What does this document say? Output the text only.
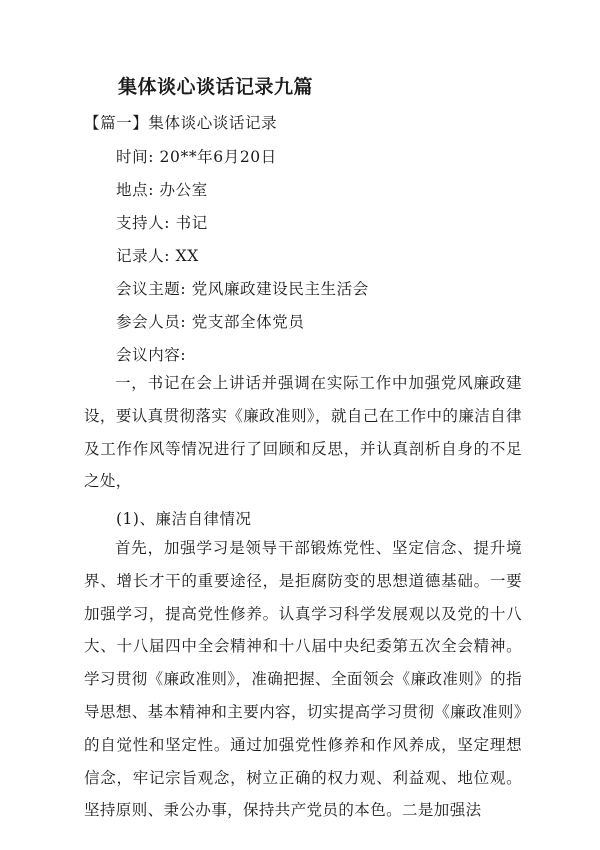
集体谈心谈话记录九篇
【篇一】集体谈心谈话记录
时间: 20**年6月20日
地点: 办公室
支持人: 书记
记录人: XX
会议主题: 党风廉政建设民主生活会
参会人员: 党支部全体党员
会议内容:
一，书记在会上讲话并强调在实际工作中加强党风廉政建设，要认真贯彻落实《廉政准则》，就自己在工作中的廉洁自律及工作作风等情况进行了回顾和反思，并认真剖析自身的不足之处，
(1)、廉洁自律情况
首先，加强学习是领导干部锻炼党性、坚定信念、提升境界、增长才干的重要途径，是拒腐防变的思想道德基础。一要加强学习，提高党性修养。认真学习科学发展观以及党的十八大、十八届四中全会精神和十八届中央纪委第五次全会精神。学习贯彻《廉政准则》，准确把握、全面领会《廉政准则》的指导思想、基本精神和主要内容，切实提高学习贯彻《廉政准则》的自觉性和坚定性。通过加强党性修养和作风养成，坚定理想信念，牢记宗旨观念，树立正确的权力观、利益观、地位观。坚持原则、秉公办事，保持共产党员的本色。二是加强法
